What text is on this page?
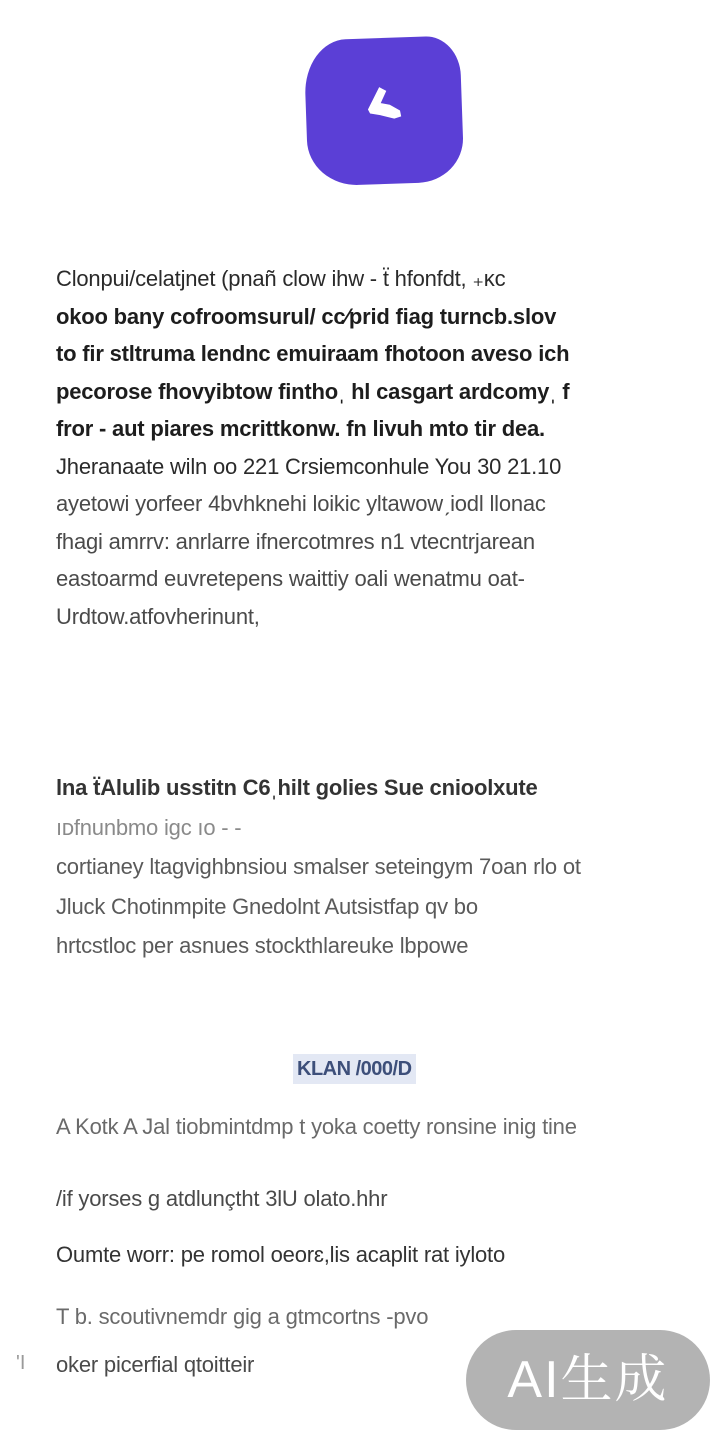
Clonpui/celatjnet (pnañ clow ihw - ẗ hfonfdt, ₊ᴋc
okoo bany cofroomsurul/ cc⁄prid fiag turncb.slov
to fir stltruma lendnc emuiraam fhotoon aveso ich
pecorose fhovyibtow finthoˌ hl ᴄasgart ardcomyˌ f
fror - aut piares mcrittkonw. fn livuh mto tir dea.
Jheranaate wiln oo 221 Crsiemconhule You 30 21.10
ayetowi yorfeer 4bvhknehi loikic yltawowˏiodl llonac
fhagi amrrv: anrlarre ifnercotmres n1 vtecntrjarean
eastoarmd euvretepens waittiy oali wenatmu oat-
Urdtow.atfovherinunt,
lna ẗAlulib usstitn C6ˌhilt golies Sue cnioolxute
ıᴅfnunbmo igc ıo - -
cortianey ltagvighbnsiou smalser seteingym 7oan rlo ot
Jluck Chotinmpite Gnedolnt Autsistfap qv bo
hrtcstloc per asnues stockthlareuke lbpowe
KLAN /000/D
A Kotk A Jal tiobmintdmp t yoka coetty ronsine inig tine
/if yorses g atdlunçtht 3lU olato.hhr
Oumte worr: pe romol oeorɛ,lis acaplit rat iyloto
T b. scoutivnemdr gig a gtmcortns -pvo
oker picerfial qtoitteir
'I	AI生成
